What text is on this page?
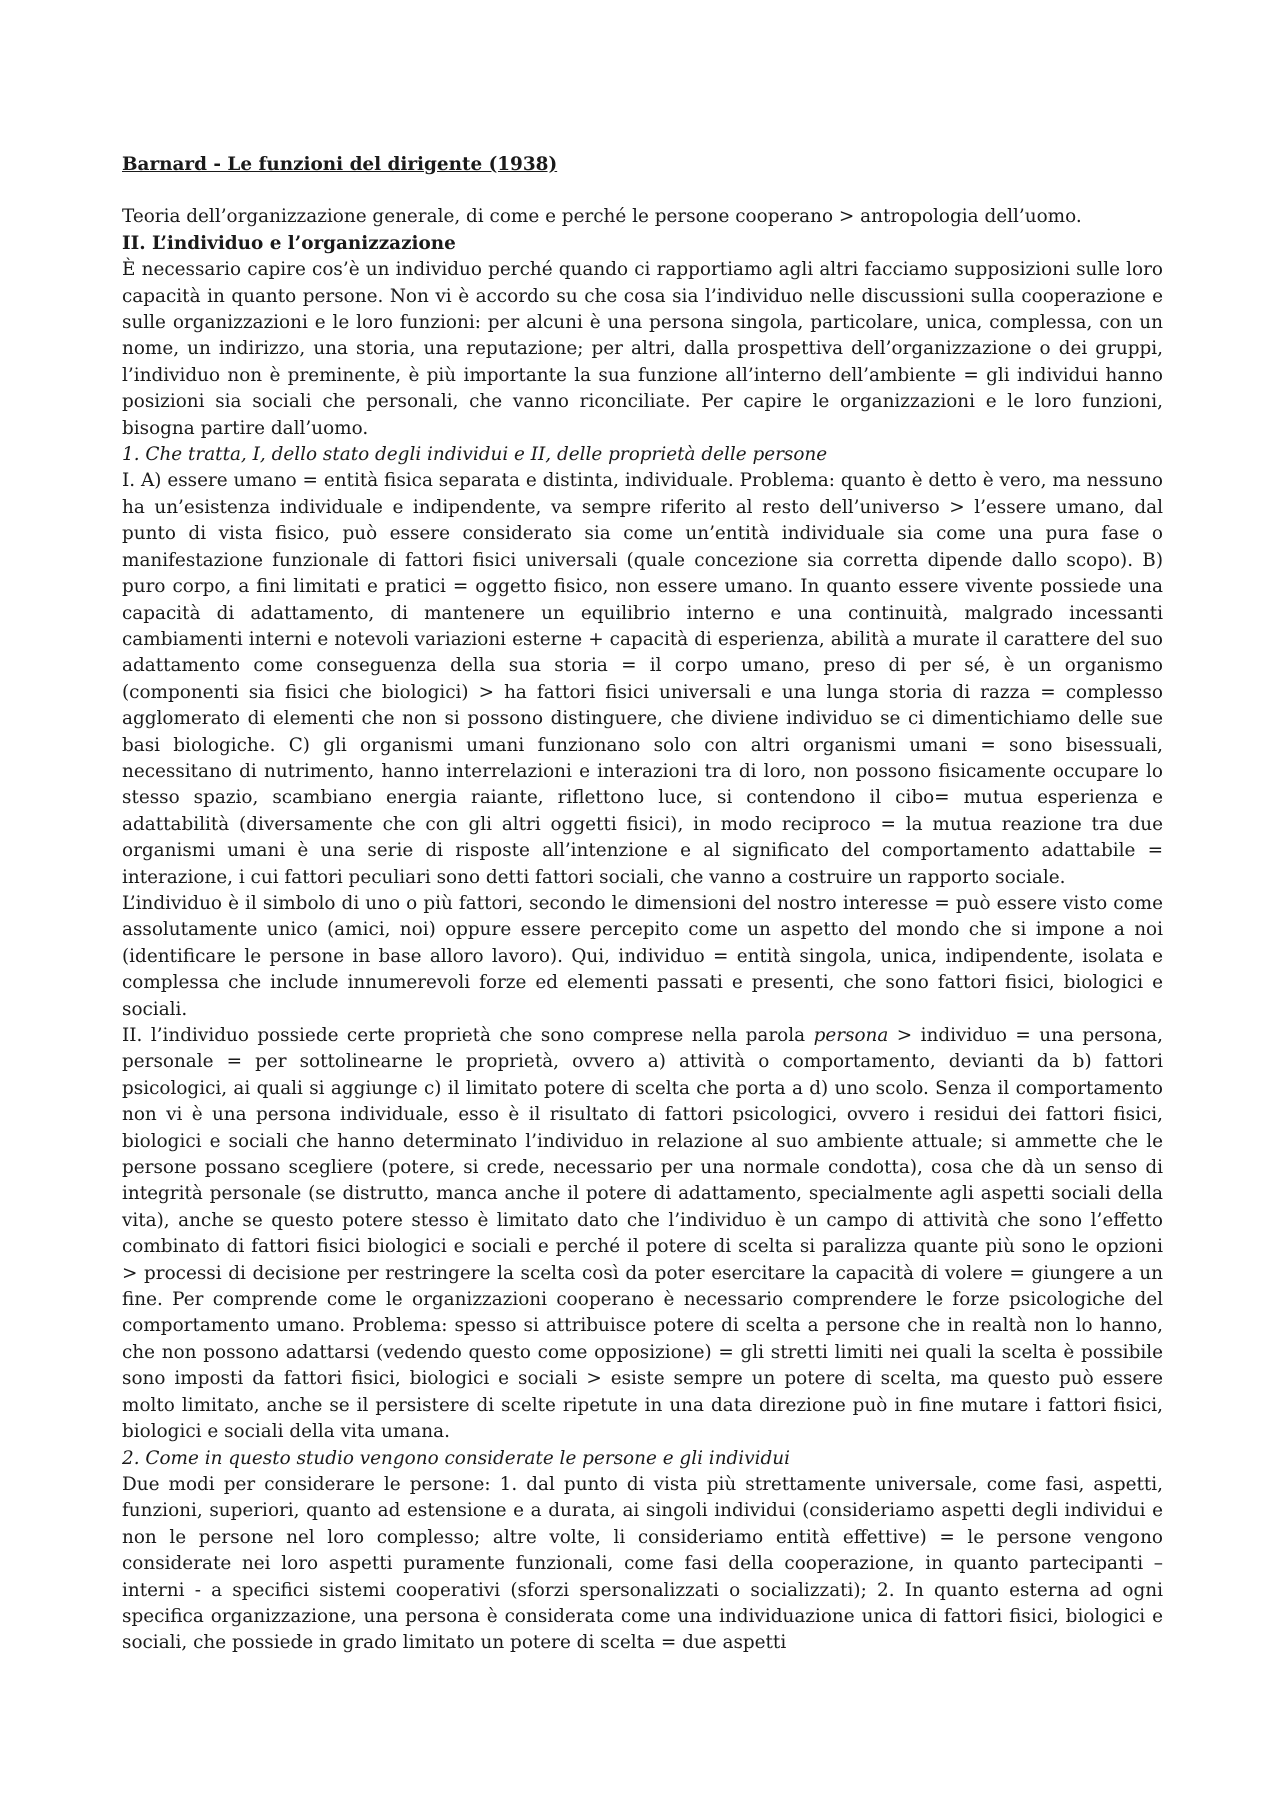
Barnard - Le funzioni del dirigente (1938)

Teoria dell’organizzazione generale, di come e perché le persone cooperano > antropologia dell’uomo.

II. L’individuo e l’organizzazione

È necessario capire cos’è un individuo perché quando ci rapportiamo agli altri facciamo supposizioni sulle loro capacità in quanto persone. Non vi è accordo su che cosa sia l’individuo nelle discussioni sulla cooperazione e sulle organizzazioni e le loro funzioni: per alcuni è una persona singola, particolare, unica, complessa, con un nome, un indirizzo, una storia, una reputazione; per altri, dalla prospettiva dell’organizzazione o dei gruppi, l’individuo non è preminente, è più importante la sua funzione all’interno dell’ambiente = gli individui hanno posizioni sia sociali che personali, che vanno riconciliate. Per capire le organizzazioni e le loro funzioni, bisogna partire dall’uomo.

1. Che tratta, I, dello stato degli individui e II, delle proprietà delle persone

I. A) essere umano = entità fisica separata e distinta, individuale. Problema: quanto è detto è vero, ma nessuno ha un’esistenza individuale e indipendente, va sempre riferito al resto dell’universo > l’essere umano, dal punto di vista fisico, può essere considerato sia come un’entità individuale sia come una pura fase o manifestazione funzionale di fattori fisici universali (quale concezione sia corretta dipende dallo scopo). B) puro corpo, a fini limitati e pratici = oggetto fisico, non essere umano. In quanto essere vivente possiede una capacità di adattamento, di mantenere un equilibrio interno e una continuità, malgrado incessanti cambiamenti interni e notevoli variazioni esterne + capacità di esperienza, abilità a murate il carattere del suo adattamento come conseguenza della sua storia = il corpo umano, preso di per sé, è un organismo (componenti sia fisici che biologici) > ha fattori fisici universali e una lunga storia di razza = complesso agglomerato di elementi che non si possono distinguere, che diviene individuo se ci dimentichiamo delle sue basi biologiche. C) gli organismi umani funzionano solo con altri organismi umani = sono bisessuali, necessitano di nutrimento, hanno interrelazioni e interazioni tra di loro, non possono fisicamente occupare lo stesso spazio, scambiano energia raiante, riflettono luce, si contendono il cibo= mutua esperienza e adattabilità (diversamente che con gli altri oggetti fisici), in modo reciproco = la mutua reazione tra due organismi umani è una serie di risposte all’intenzione e al significato del comportamento adattabile = interazione, i cui fattori peculiari sono detti fattori sociali, che vanno a costruire un rapporto sociale.

L’individuo è il simbolo di uno o più fattori, secondo le dimensioni del nostro interesse = può essere visto come assolutamente unico (amici, noi) oppure essere percepito come un aspetto del mondo che si impone a noi (identificare le persone in base alloro lavoro). Qui, individuo = entità singola, unica, indipendente, isolata e complessa che include innumerevoli forze ed elementi passati e presenti, che sono fattori fisici, biologici e sociali.

II. l’individuo possiede certe proprietà che sono comprese nella parola persona > individuo = una persona, personale = per sottolinearne le proprietà, ovvero a) attività o comportamento, devianti da b) fattori psicologici, ai quali si aggiunge c) il limitato potere di scelta che porta a d) uno scolo. Senza il comportamento non vi è una persona individuale, esso è il risultato di fattori psicologici, ovvero i residui dei fattori fisici, biologici e sociali che hanno determinato l’individuo in relazione al suo ambiente attuale; si ammette che le persone possano scegliere (potere, si crede, necessario per una normale condotta), cosa che dà un senso di integrità personale (se distrutto, manca anche il potere di adattamento, specialmente agli aspetti sociali della vita), anche se questo potere stesso è limitato dato che l’individuo è un campo di attività che sono l’effetto combinato di fattori fisici biologici e sociali e perché il potere di scelta si paralizza quante più sono le opzioni > processi di decisione per restringere la scelta così da poter esercitare la capacità di volere = giungere a un fine. Per comprende come le organizzazioni cooperano è necessario comprendere le forze psicologiche del comportamento umano. Problema: spesso si attribuisce potere di scelta a persone che in realtà non lo hanno, che non possono adattarsi (vedendo questo come opposizione) = gli stretti limiti nei quali la scelta è possibile sono imposti da fattori fisici, biologici e sociali > esiste sempre un potere di scelta, ma questo può essere molto limitato, anche se il persistere di scelte ripetute in una data direzione può in fine mutare i fattori fisici, biologici e sociali della vita umana.

2. Come in questo studio vengono considerate le persone e gli individui

Due modi per considerare le persone: 1. dal punto di vista più strettamente universale, come fasi, aspetti, funzioni, superiori, quanto ad estensione e a durata, ai singoli individui (consideriamo aspetti degli individui e non le persone nel loro complesso; altre volte, li consideriamo entità effettive) = le persone vengono considerate nei loro aspetti puramente funzionali, come fasi della cooperazione, in quanto partecipanti – interni - a specifici sistemi cooperativi (sforzi spersonalizzati o socializzati); 2. In quanto esterna ad ogni specifica organizzazione, una persona è considerata come una individuazione unica di fattori fisici, biologici e sociali, che possiede in grado limitato un potere di scelta = due aspetti
